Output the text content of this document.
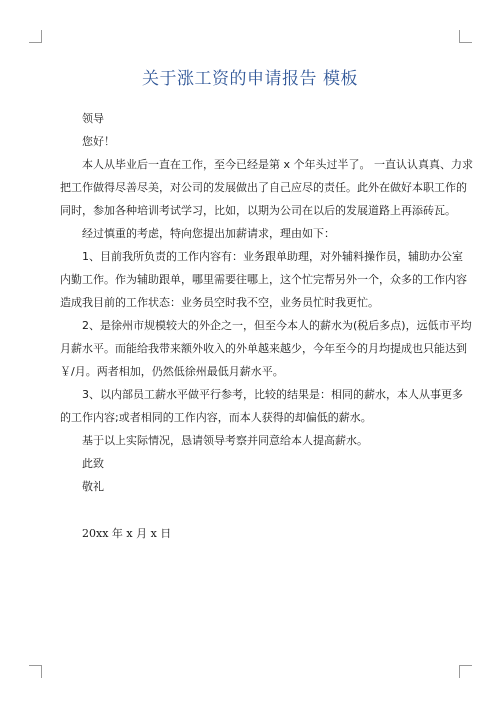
关于涨工资的申请报告 模板

领导

您好！

本人从毕业后一直在工作，至今已经是第 x 个年头过半了。 一直认认真真、力求

把工作做得尽善尽美，对公司的发展做出了自己应尽的责任。此外在做好本职工作的

同时，参加各种培训考试学习，比如，以期为公司在以后的发展道路上再添砖瓦。

经过慎重的考虑，特向您提出加薪请求，理由如下：

1、目前我所负责的工作内容有：业务跟单助理，对外辅料操作员，辅助办公室

内勤工作。作为辅助跟单，哪里需要往哪上，这个忙完帮另外一个，众多的工作内容

造成我目前的工作状态：业务员空时我不空，业务员忙时我更忙。

2、是徐州市规模较大的外企之一，但至今本人的薪水为(税后多点)，远低市平均

月薪水平。而能给我带来额外收入的外单越来越少，今年至今的月均提成也只能达到

￥/月。两者相加，仍然低徐州最低月薪水平。

3、以内部员工薪水平做平行参考，比较的结果是：相同的薪水，本人从事更多

的工作内容;或者相同的工作内容，而本人获得的却偏低的薪水。

基于以上实际情况，恳请领导考察并同意给本人提高薪水。

此致

敬礼

20xx 年 x 月 x 日
